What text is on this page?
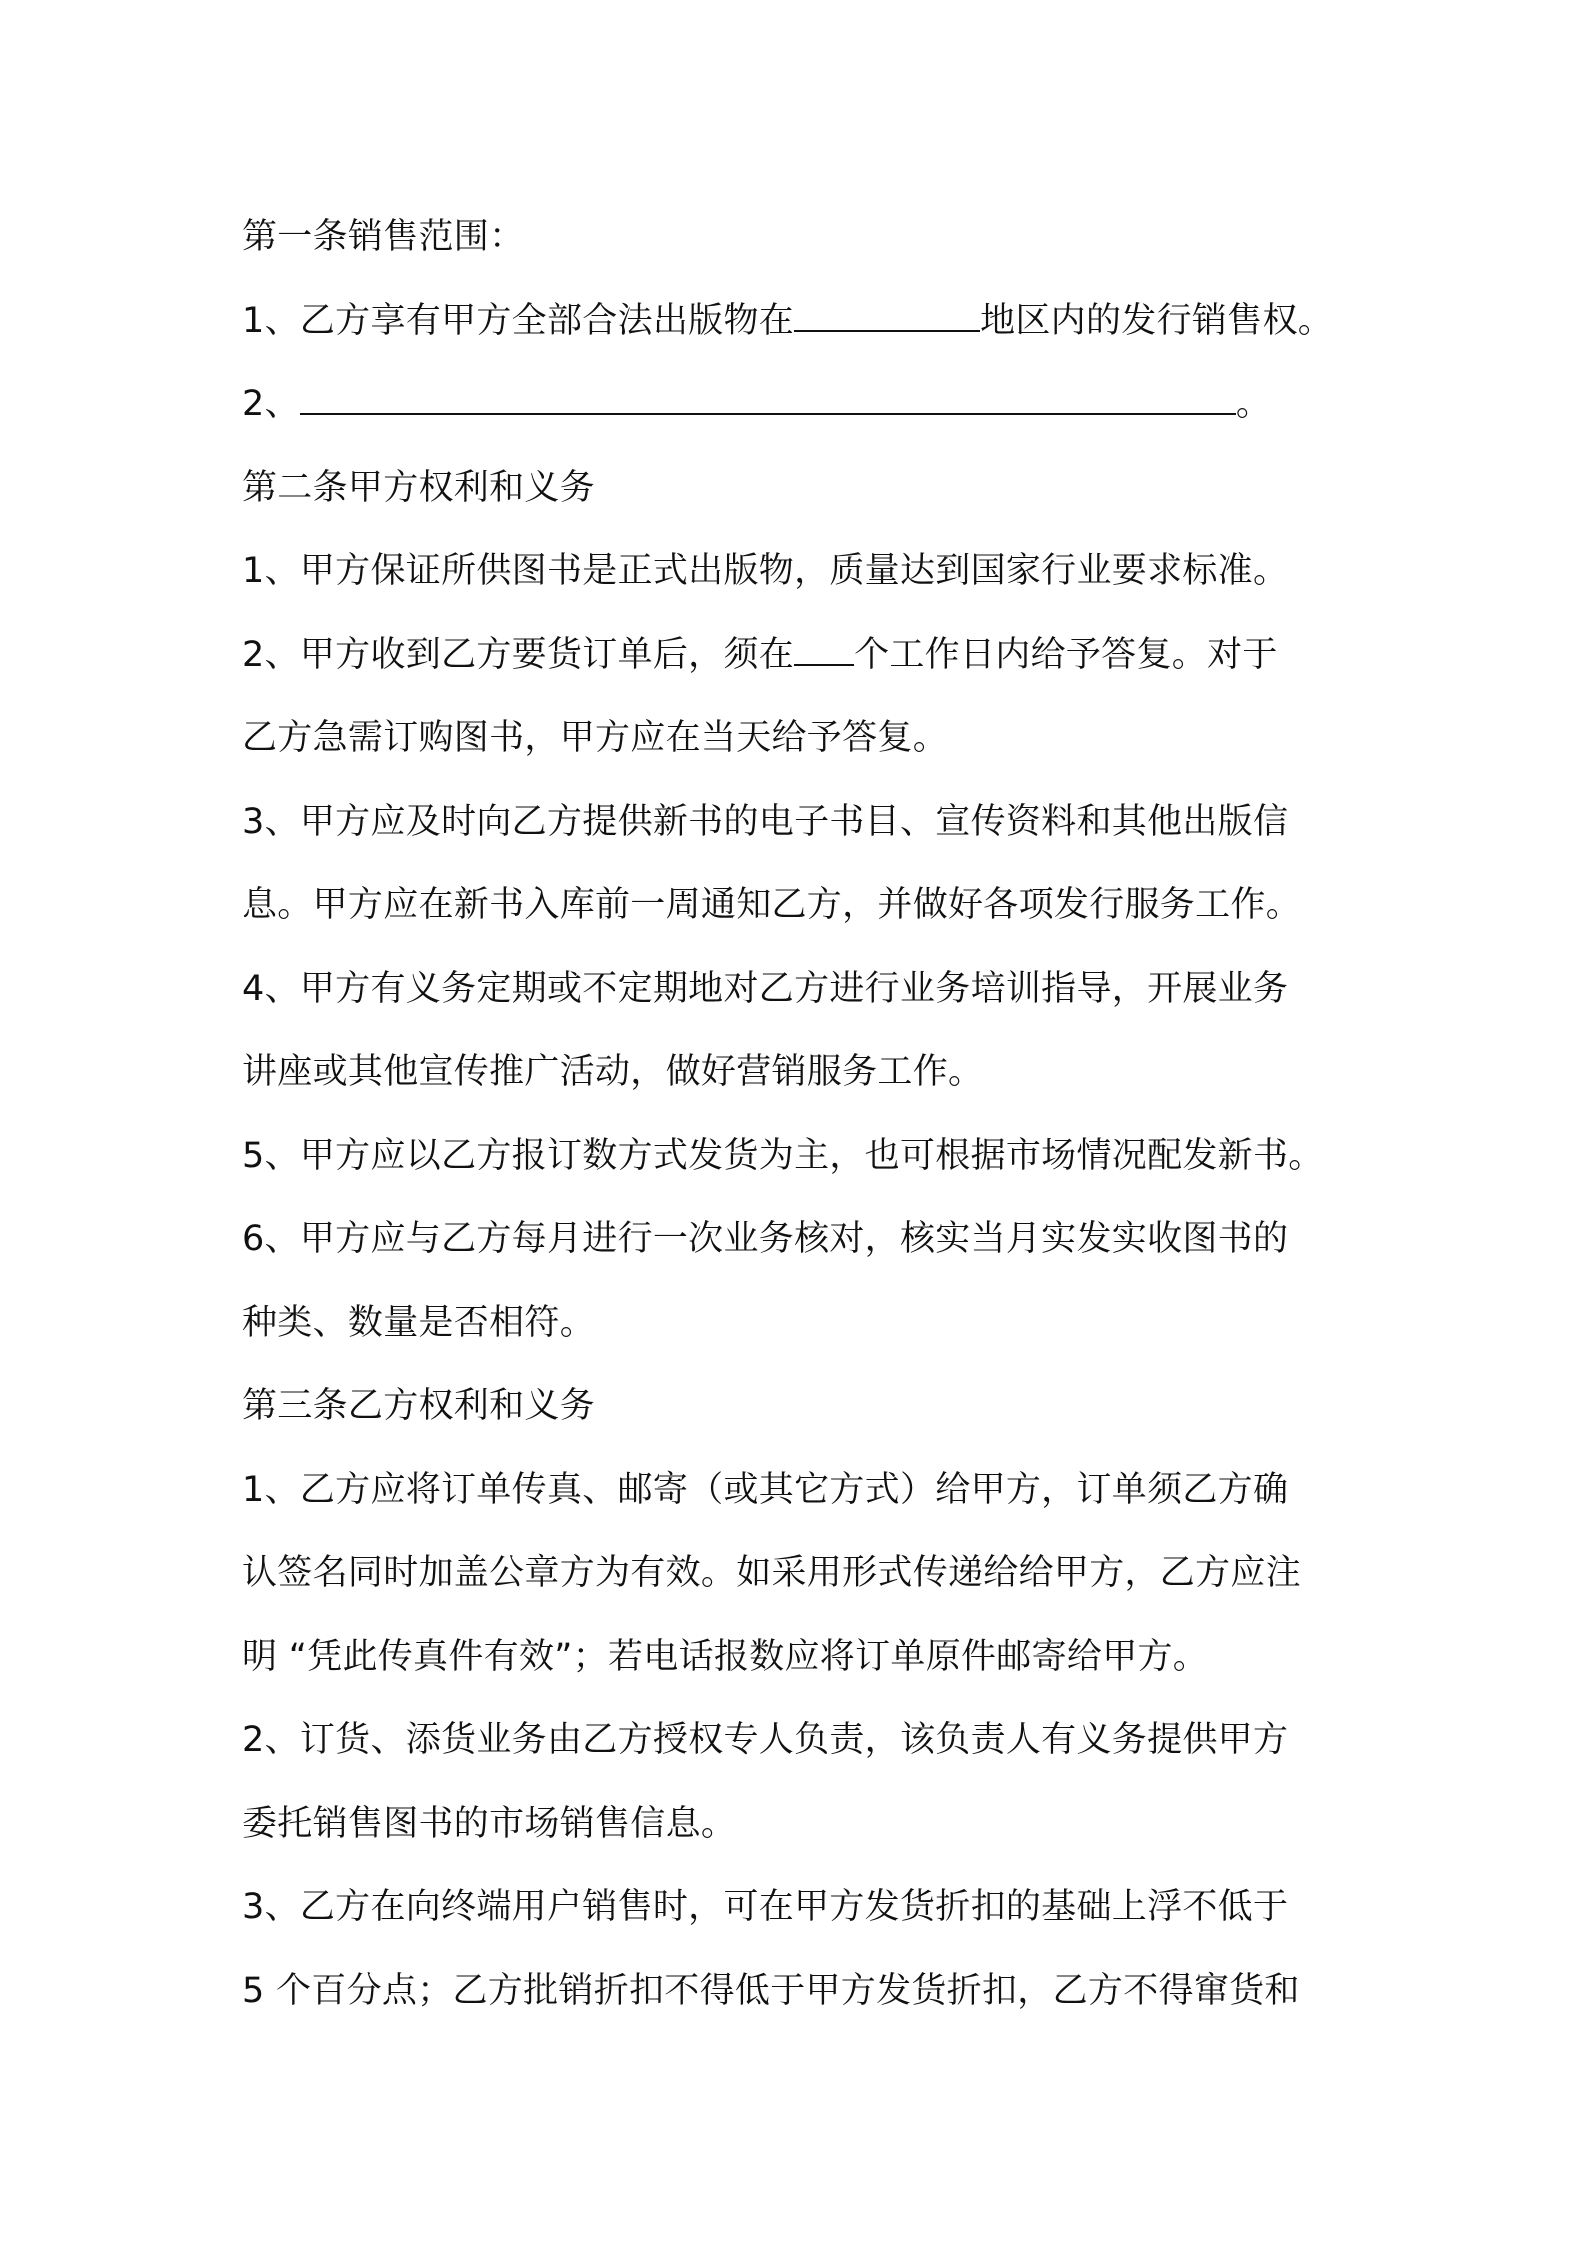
第一条销售范围：
1、乙方享有甲方全部合法出版物在	地区内的发行销售权。
2、	。
第二条甲方权利和义务
1、甲方保证所供图书是正式出版物，质量达到国家行业要求标准。
2、甲方收到乙方要货订单后，须在 个工作日内给予答复。对于
乙方急需订购图书，甲方应在当天给予答复。
3、甲方应及时向乙方提供新书的电子书目、宣传资料和其他出版信
息。甲方应在新书入库前一周通知乙方，并做好各项发行服务工作。
4、甲方有义务定期或不定期地对乙方进行业务培训指导，开展业务
讲座或其他宣传推广活动，做好营销服务工作。
5、甲方应以乙方报订数方式发货为主，也可根据市场情况配发新书。
6、甲方应与乙方每月进行一次业务核对，核实当月实发实收图书的
种类、数量是否相符。
第三条乙方权利和义务
1、乙方应将订单传真、邮寄（或其它方式）给甲方，订单须乙方确
认签名同时加盖公章方为有效。如采用形式传递给给甲方，乙方应注
明 “凭此传真件有效”；若电话报数应将订单原件邮寄给甲方。
2、订货、添货业务由乙方授权专人负责，该负责人有义务提供甲方
委托销售图书的市场销售信息。
3、乙方在向终端用户销售时，可在甲方发货折扣的基础上浮不低于
5 个百分点；乙方批销折扣不得低于甲方发货折扣，乙方不得窜货和
